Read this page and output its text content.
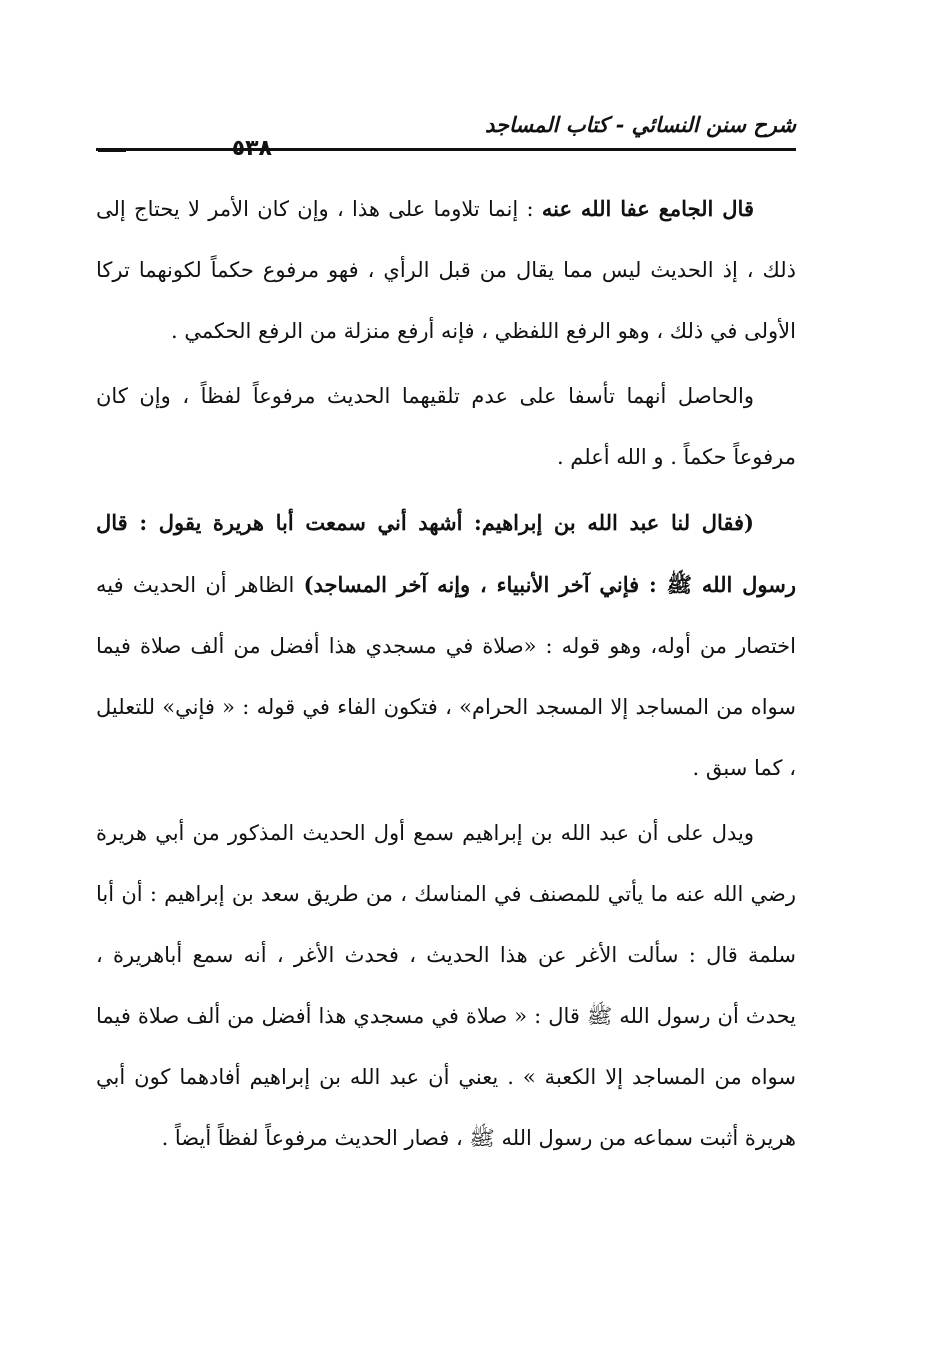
شرح سنن النسائي - كتاب المساجد
٥٣٨

قال الجامع عفا الله عنه : إنما تلاوما على هذا ، وإن كان الأمر لا يحتاج إلى ذلك ، إذ الحديث ليس مما يقال من قبل الرأي ، فهو مرفوع حكماً لكونهما تركا الأولى في ذلك ، وهو الرفع اللفظي ، فإنه أرفع منزلة من الرفع الحكمي .

والحاصل أنهما تأسفا على عدم تلقيهما الحديث مرفوعاً لفظاً ، وإن كان مرفوعاً حكماً . و الله أعلم .

(فقال لنا عبد الله بن إبراهيم: أشهد أني سمعت أبا هريرة يقول : قال رسول الله ﷺ : فإني آخر الأنبياء ، وإنه آخر المساجد) الظاهر أن الحديث فيه اختصار من أوله، وهو قوله : «صلاة في مسجدي هذا أفضل من ألف صلاة فيما سواه من المساجد إلا المسجد الحرام» ، فتكون الفاء في قوله : « فإني» للتعليل ، كما سبق .

ويدل على أن عبد الله بن إبراهيم سمع أول الحديث المذكور من أبي هريرة رضي الله عنه ما يأتي للمصنف في المناسك ، من طريق سعد بن إبراهيم : أن أبا سلمة قال : سألت الأغر عن هذا الحديث ، فحدث الأغر ، أنه سمع أباهريرة ، يحدث أن رسول الله ﷺ قال : « صلاة في مسجدي هذا أفضل من ألف صلاة فيما سواه من المساجد إلا الكعبة » . يعني أن عبد الله بن إبراهيم أفادهما كون أبي هريرة أثبت سماعه من رسول الله ﷺ ، فصار الحديث مرفوعاً لفظاً أيضاً .
